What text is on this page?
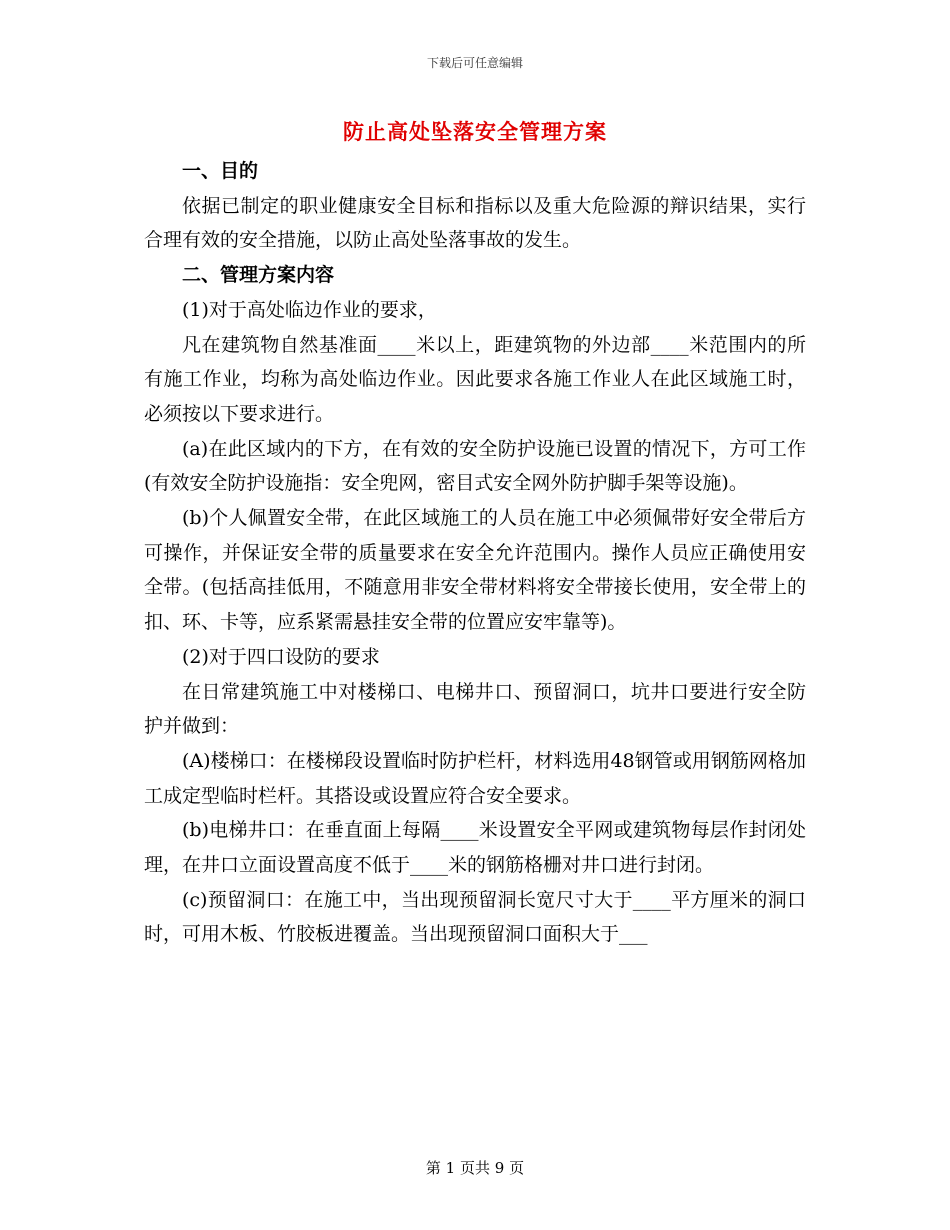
下载后可任意编辑
防止高处坠落安全管理方案

一、目的

依据已制定的职业健康安全目标和指标以及重大危险源的辩识结果，实行合理有效的安全措施，以防止高处坠落事故的发生。

二、管理方案内容

(1)对于高处临边作业的要求，

凡在建筑物自然基准面____米以上，距建筑物的外边部____米范围内的所有施工作业，均称为高处临边作业。因此要求各施工作业人在此区域施工时，必须按以下要求进行。

(a)在此区域内的下方，在有效的安全防护设施已设置的情况下，方可工作(有效安全防护设施指：安全兜网，密目式安全网外防护脚手架等设施)。

(b)个人佩置安全带，在此区域施工的人员在施工中必须佩带好安全带后方可操作，并保证安全带的质量要求在安全允许范围内。操作人员应正确使用安全带。(包括高挂低用，不随意用非安全带材料将安全带接长使用，安全带上的扣、环、卡等，应系紧需悬挂安全带的位置应安牢靠等)。

(2)对于四口设防的要求

在日常建筑施工中对楼梯口、电梯井口、预留洞口，坑井口要进行安全防护并做到：

(A)楼梯口：在楼梯段设置临时防护栏杆，材料选用48钢管或用钢筋网格加工成定型临时栏杆。其搭设或设置应符合安全要求。

(b)电梯井口：在垂直面上每隔____米设置安全平网或建筑物每层作封闭处理，在井口立面设置高度不低于____米的钢筋格栅对井口进行封闭。

(c)预留洞口：在施工中，当出现预留洞长宽尺寸大于____平方厘米的洞口时，可用木板、竹胶板进覆盖。当出现预留洞口面积大于___

第 1 页共 9 页
